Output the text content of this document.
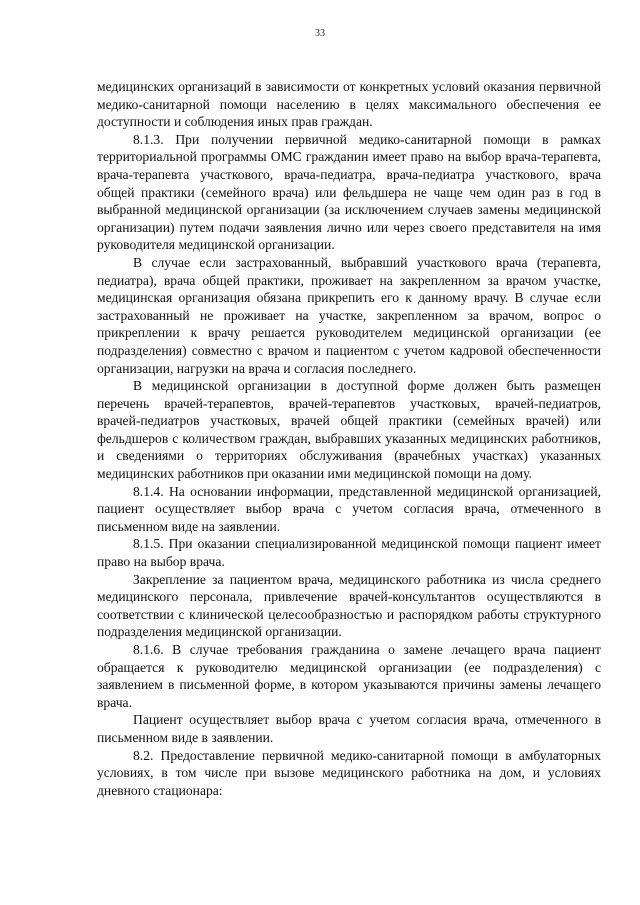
33

медицинских организаций в зависимости от конкретных условий оказания первичной медико-санитарной помощи населению в целях максимального обеспечения ее доступности и соблюдения иных прав граждан.

8.1.3. При получении первичной медико-санитарной помощи в рамках территориальной программы ОМС гражданин имеет право на выбор врача-терапевта, врача-терапевта участкового, врача-педиатра, врача-педиатра участкового, врача общей практики (семейного врача) или фельдшера не чаще чем один раз в год в выбранной медицинской организации (за исключением случаев замены медицинской организации) путем подачи заявления лично или через своего представителя на имя руководителя медицинской организации.

В случае если застрахованный, выбравший участкового врача (терапевта, педиатра), врача общей практики, проживает на закрепленном за врачом участке, медицинская организация обязана прикрепить его к данному врачу. В случае если застрахованный не проживает на участке, закрепленном за врачом, вопрос о прикреплении к врачу решается руководителем медицинской организации (ее подразделения) совместно с врачом и пациентом с учетом кадровой обеспеченности организации, нагрузки на врача и согласия последнего.

В медицинской организации в доступной форме должен быть размещен перечень врачей-терапевтов, врачей-терапевтов участковых, врачей-педиатров, врачей-педиатров участковых, врачей общей практики (семейных врачей) или фельдшеров с количеством граждан, выбравших указанных медицинских работников, и сведениями о территориях обслуживания (врачебных участках) указанных медицинских работников при оказании ими медицинской помощи на дому.

8.1.4. На основании информации, представленной медицинской организацией, пациент осуществляет выбор врача с учетом согласия врача, отмеченного в письменном виде на заявлении.

8.1.5. При оказании специализированной медицинской помощи пациент имеет право на выбор врача.

Закрепление за пациентом врача, медицинского работника из числа среднего медицинского персонала, привлечение врачей-консультантов осуществляются в соответствии с клинической целесообразностью и распорядком работы структурного подразделения медицинской организации.

8.1.6. В случае требования гражданина о замене лечащего врача пациент обращается к руководителю медицинской организации (ее подразделения) с заявлением в письменной форме, в котором указываются причины замены лечащего врача.

Пациент осуществляет выбор врача с учетом согласия врача, отмеченного в письменном виде в заявлении.

8.2. Предоставление первичной медико-санитарной помощи в амбулаторных условиях, в том числе при вызове медицинского работника на дом, и условиях дневного стационара:
